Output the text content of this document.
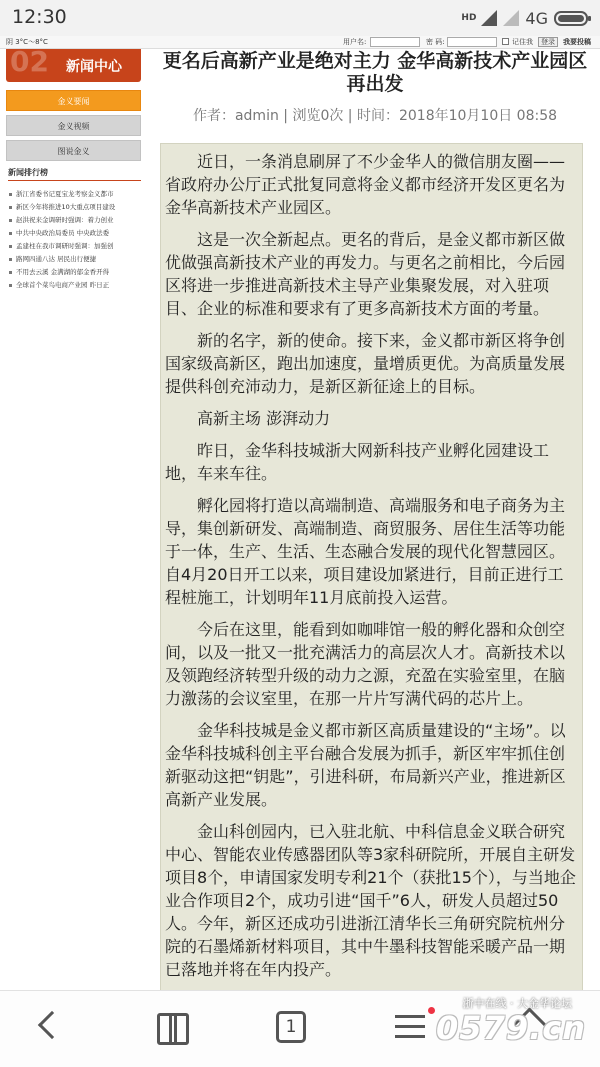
12:30	HD	4G
阴 3°C～8°C	用户名:	密 码:	记住我	登录	我要投稿
02 新闻中心
金义要闻
金义视频
图说金义
新闻排行榜
浙江省委书记夏宝龙考察金义都市
新区今年将推进10大重点项目建设
赵洪祝来金调研时强调：着力创业
中共中央政治局委员 中央政法委
孟建柱在我市调研时强调：加强创
路网四通八达 居民出行便捷
不用去云溪 金满湖的郁金香开得
全球首个菜鸟电商产业园 昨日正
更名后高新产业是绝对主力 金华高新技术产业园区再出发
作者：admin | 浏览0次 | 时间：2018年10月10日 08:58

近日，一条消息刷屏了不少金华人的微信朋友圈——省政府办公厅正式批复同意将金义都市经济开发区更名为金华高新技术产业园区。

这是一次全新起点。更名的背后，是金义都市新区做优做强高新技术产业的再发力。与更名之前相比，今后园区将进一步推进高新技术主导产业集聚发展，对入驻项目、企业的标准和要求有了更多高新技术方面的考量。

新的名字，新的使命。接下来，金义都市新区将争创国家级高新区，跑出加速度，量增质更优。为高质量发展提供科创充沛动力，是新区新征途上的目标。

高新主场 澎湃动力

昨日，金华科技城浙大网新科技产业孵化园建设工地，车来车往。

孵化园将打造以高端制造、高端服务和电子商务为主导，集创新研发、高端制造、商贸服务、居住生活等功能于一体，生产、生活、生态融合发展的现代化智慧园区。自4月20日开工以来，项目建设加紧进行，目前正进行工程桩施工，计划明年11月底前投入运营。

今后在这里，能看到如咖啡馆一般的孵化器和众创空间，以及一批又一批充满活力的高层次人才。高新技术以及领跑经济转型升级的动力之源，充盈在实验室里，在脑力激荡的会议室里，在那一片片写满代码的芯片上。

金华科技城是金义都市新区高质量建设的“主场”。以金华科技城科创主平台融合发展为抓手，新区牢牢抓住创新驱动这把“钥匙”，引进科研，布局新兴产业，推进新区高新产业发展。

金山科创园内，已入驻北航、中科信息金义联合研究中心、智能农业传感器团队等3家科研院所，开展自主研发项目8个，申请国家发明专利21个（获批15个），与当地企业合作项目2个，成功引进“国千”6人，研发人员超过50人。今年，新区还成功引进浙江清华长三角研究院杭州分院的石墨烯新材料项目，其中牛墨科技智能采暖产品一期已落地并将在年内投产。

1
浙中在线 · 大金华论坛
0579.cn
